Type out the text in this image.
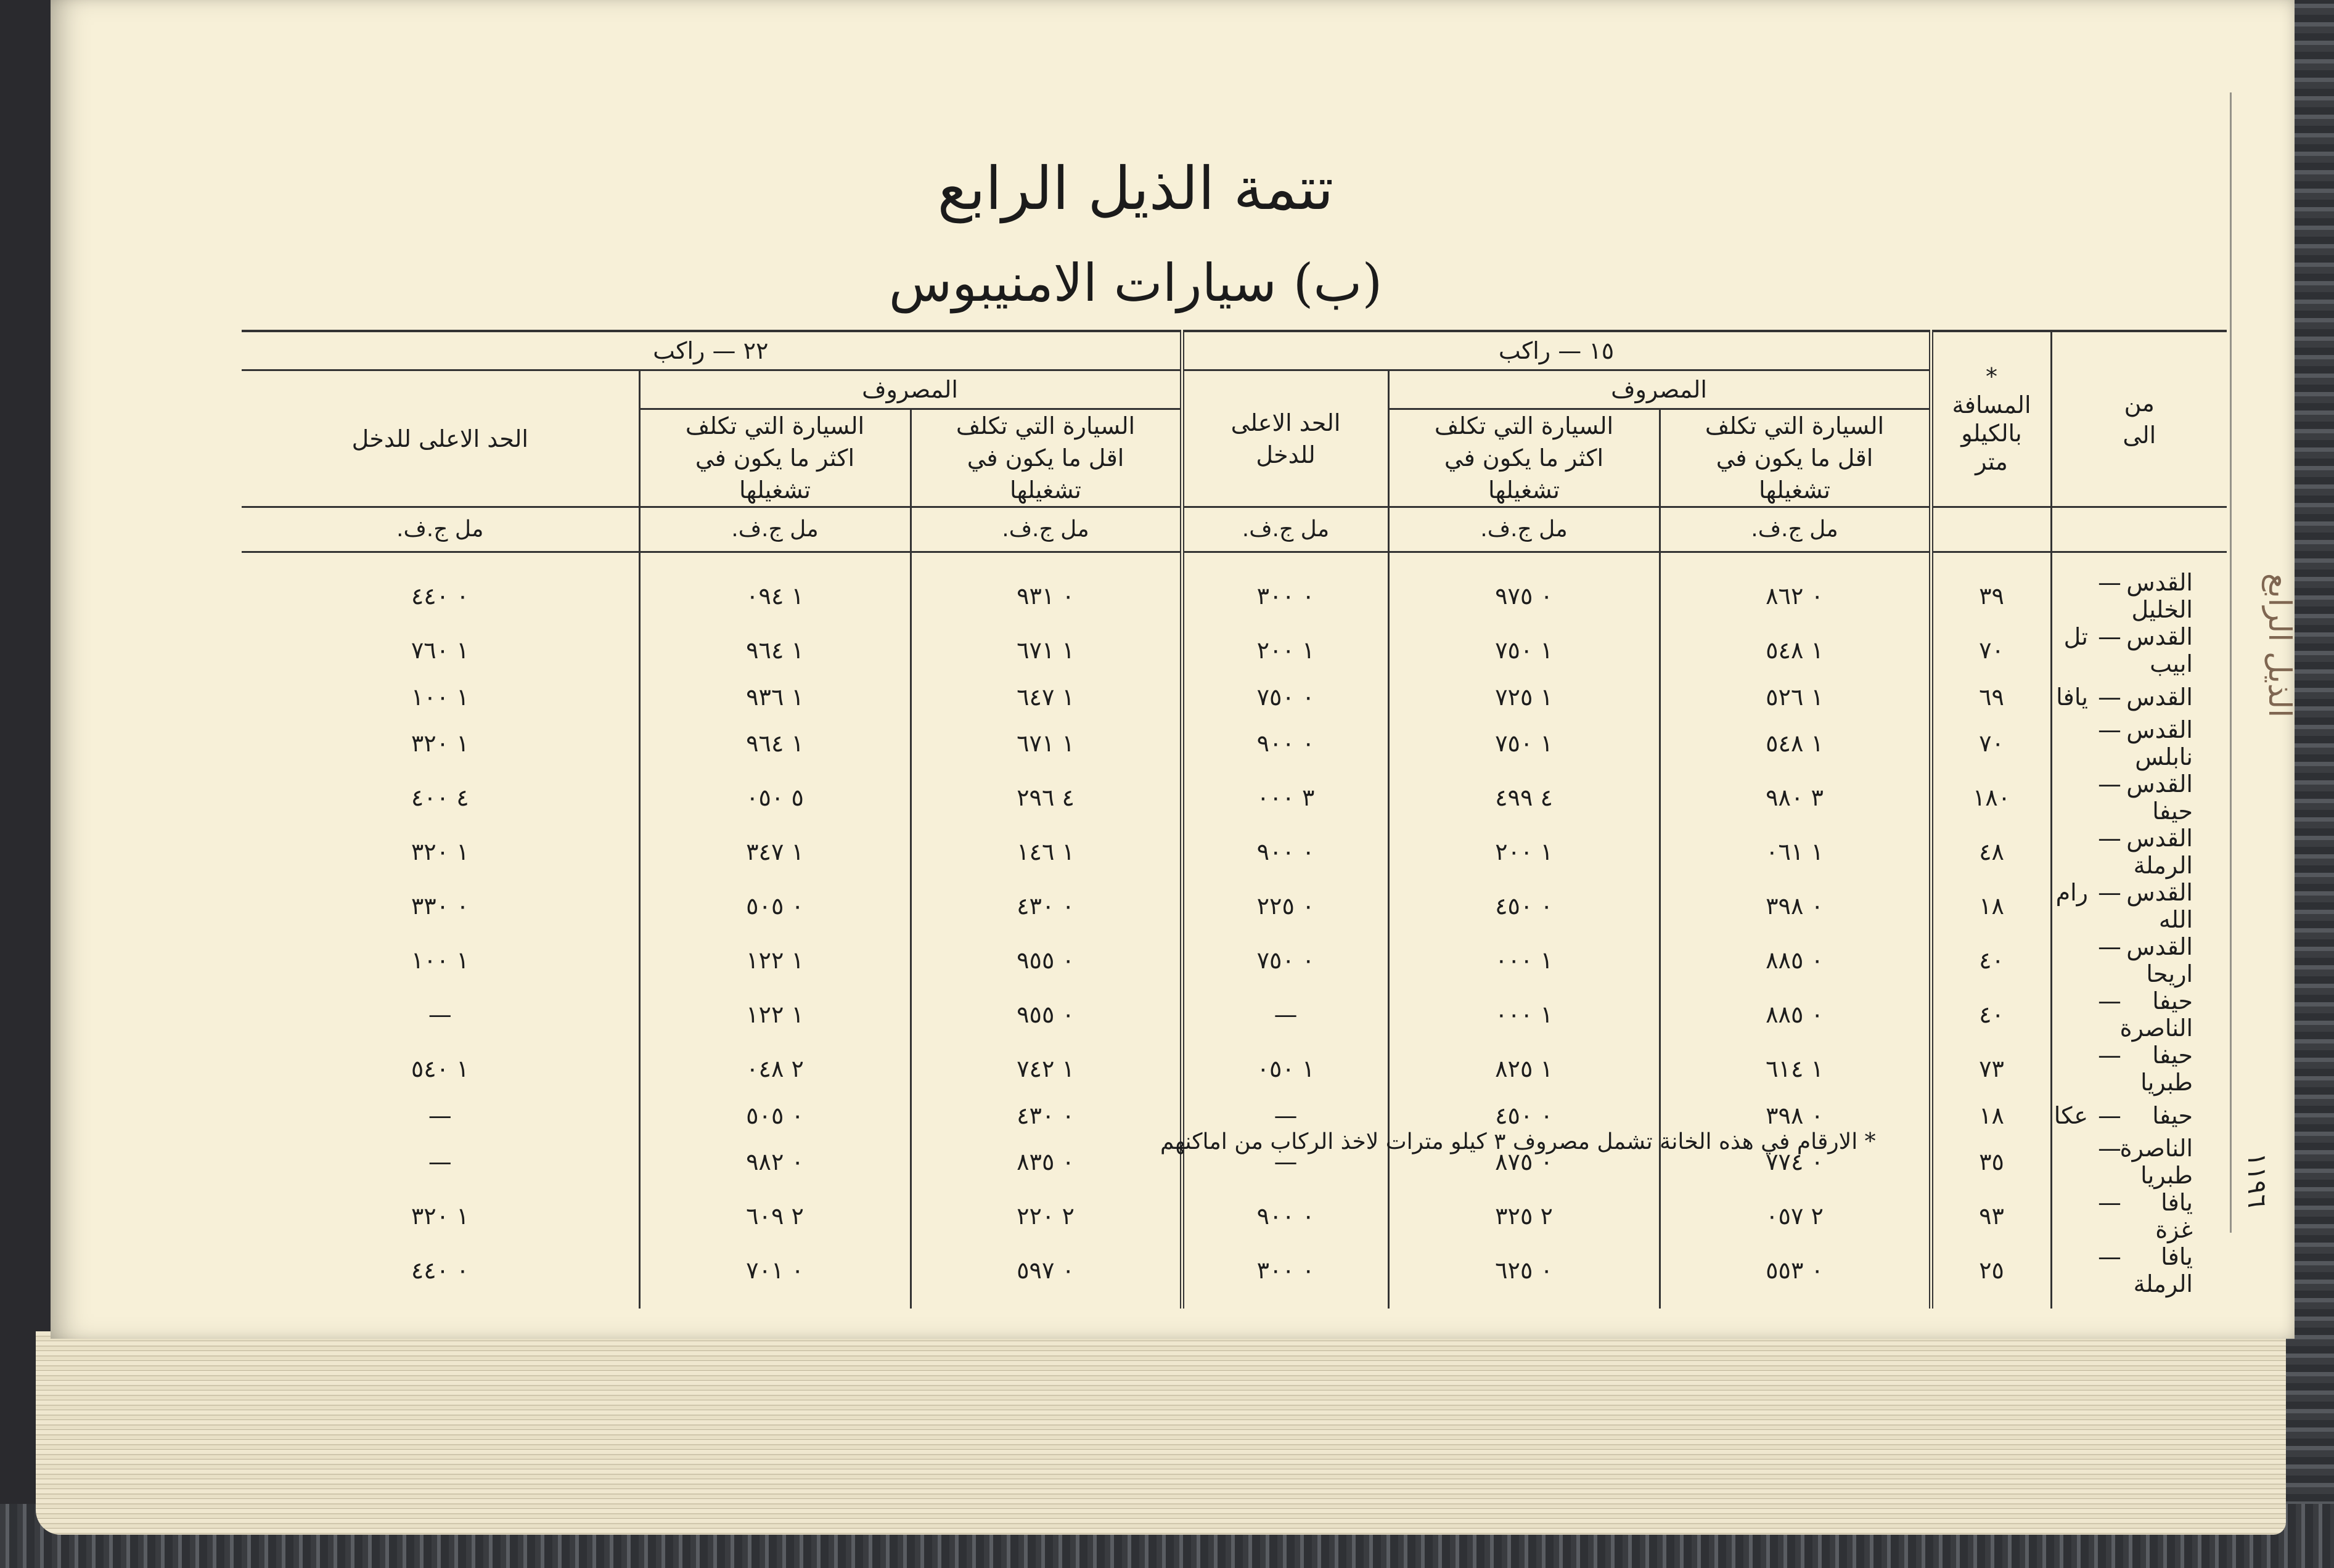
تتمة الذيل الرابع
(ب) سيارات الامنيبوس
الذيل الرابع
١١٩٦
من الى	*
المسافة بالكيلو متر	١٥ — راكب			٢٢ — راكب		
		المصروف		الحد الاعلى للدخل	المصروف		الحد الاعلى للدخل
		السيارة التي تكلف اقل ما يكون في تشغيلها	السيارة التي تكلف اكثر ما يكون في تشغيلها		السيارة التي تكلف اقل ما يكون في تشغيلها	السيارة التي تكلف اكثر ما يكون في تشغيلها	
		مل ج.ف.	مل ج.ف.	مل ج.ف.	مل ج.ف.	مل ج.ف.	مل ج.ف.
القدس—الخليل	٣٩	٠ ٨٦٢	٠ ٩٧٥	٠ ٣٠٠	٠ ٩٣١	١ ٠٩٤	٠ ٤٤٠
القدس—تل ابيب	٧٠	١ ٥٤٨	١ ٧٥٠	١ ٢٠٠	١ ٦٧١	١ ٩٦٤	١ ٧٦٠
القدس—يافا	٦٩	١ ٥٢٦	١ ٧٢٥	٠ ٧٥٠	١ ٦٤٧	١ ٩٣٦	١ ١٠٠
القدس—نابلس	٧٠	١ ٥٤٨	١ ٧٥٠	٠ ٩٠٠	١ ٦٧١	١ ٩٦٤	١ ٣٢٠
القدس—حيفا	١٨٠	٣ ٩٨٠	٤ ٤٩٩	٣ ٠٠٠	٤ ٢٩٦	٥ ٠٥٠	٤ ٤٠٠
القدس—الرملة	٤٨	١ ٠٦١	١ ٢٠٠	٠ ٩٠٠	١ ١٤٦	١ ٣٤٧	١ ٣٢٠
القدس—رام الله	١٨	٠ ٣٩٨	٠ ٤٥٠	٠ ٢٢٥	٠ ٤٣٠	٠ ٥٠٥	٠ ٣٣٠
القدس—اريحا	٤٠	٠ ٨٨٥	١ ٠٠٠	٠ ٧٥٠	٠ ٩٥٥	١ ١٢٢	١ ١٠٠
حيفا—الناصرة	٤٠	٠ ٨٨٥	١ ٠٠٠	—	٠ ٩٥٥	١ ١٢٢	—
حيفا—طبريا	٧٣	١ ٦١٤	١ ٨٢٥	١ ٠٥٠	١ ٧٤٢	٢ ٠٤٨	١ ٥٤٠
حيفا—عكا	١٨	٠ ٣٩٨	٠ ٤٥٠	—	٠ ٤٣٠	٠ ٥٠٥	—
الناصرة—طبريا	٣٥	٠ ٧٧٤	٠ ٨٧٥	—	٠ ٨٣٥	٠ ٩٨٢	—
يافا—غزة	٩٣	٢ ٠٥٧	٢ ٣٢٥	٠ ٩٠٠	٢ ٢٢٠	٢ ٦٠٩	١ ٣٢٠
يافا—الرملة	٢٥	٠ ٥٥٣	٠ ٦٢٥	٠ ٣٠٠	٠ ٥٩٧	٠ ٧٠١	٠ ٤٤٠
* الارقام في هذه الخانة تشمل مصروف ٣ كيلو مترات لاخذ الركاب من اماكنهم
